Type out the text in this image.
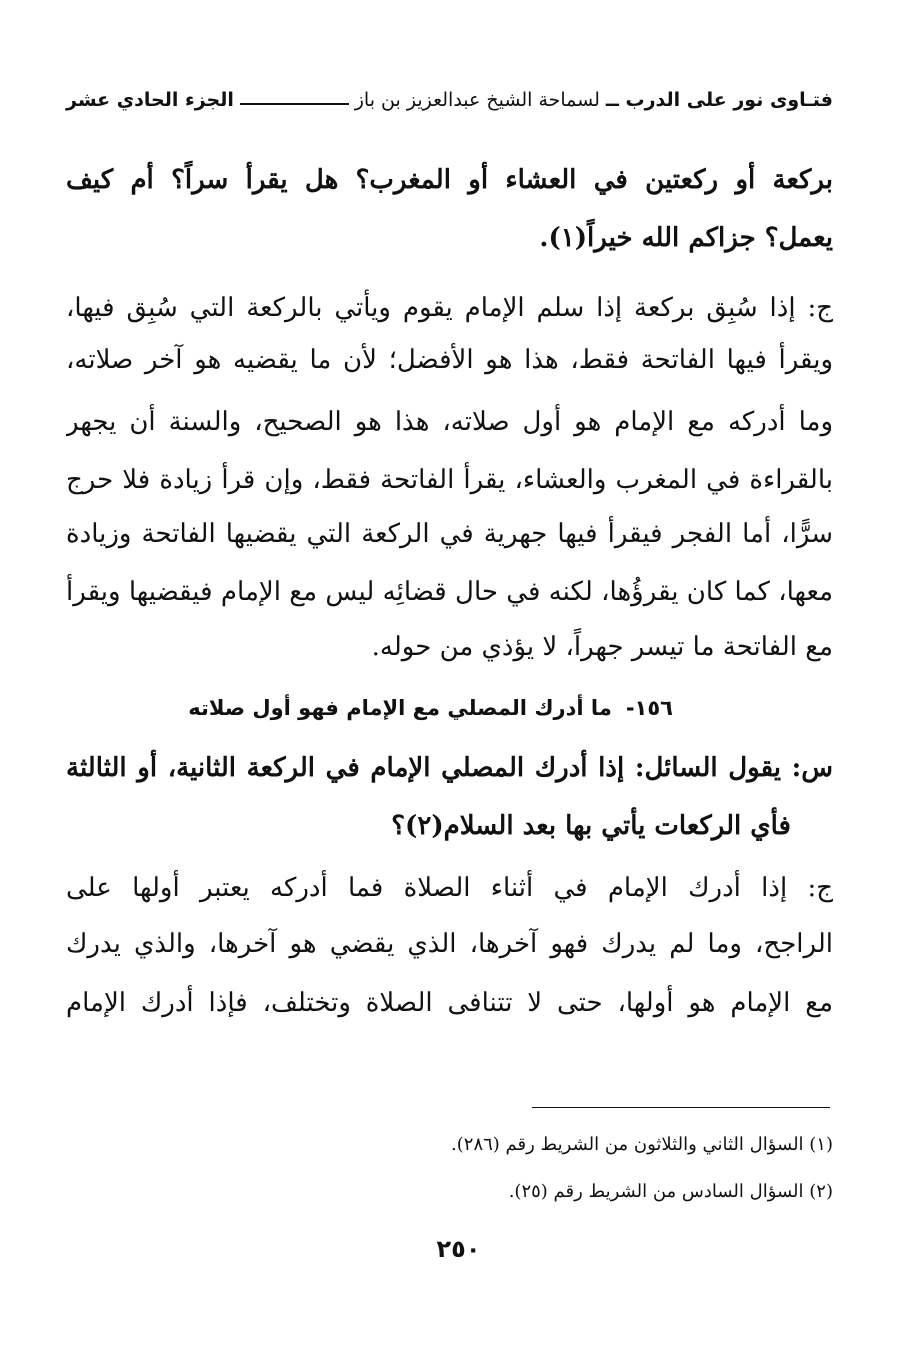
فتـاوى نور على الدرب ــ
لسماحة الشيخ عبدالعزيز بن باز
الجزء الحادي عشر
بركعة أو ركعتين في العشاء أو المغرب؟ هل يقرأ سراً؟ أم كيف
يعمل؟ جزاكم الله خيراً(١).
ج: إذا سُبِق بركعة إذا سلم الإمام يقوم ويأتي بالركعة التي سُبِق فيها،
ويقرأ فيها الفاتحة فقط، هذا هو الأفضل؛ لأن ما يقضيه هو آخر صلاته،
وما أدركه مع الإمام هو أول صلاته، هذا هو الصحيح، والسنة أن يجهر
بالقراءة في المغرب والعشاء، يقرأ الفاتحة فقط، وإن قرأ زيادة فلا حرج
سرًّا، أما الفجر فيقرأ فيها جهرية في الركعة التي يقضيها الفاتحة وزيادة
معها، كما كان يقرؤُها، لكنه في حال قضائِه ليس مع الإمام فيقضيها ويقرأ
مع الفاتحة ما تيسر جهراً، لا يؤذي من حوله.
١٥٦-
ما أدرك المصلي مع الإمام فهو أول صلاته
س: يقول السائل: إذا أدرك المصلي الإمام في الركعة الثانية، أو الثالثة
فأي الركعات يأتي بها بعد السلام(٢)؟
ج: إذا أدرك الإمام في أثناء الصلاة فما أدركه يعتبر أولها على
الراجح، وما لم يدرك فهو آخرها، الذي يقضي هو آخرها، والذي يدرك
مع الإمام هو أولها، حتى لا تتنافى الصلاة وتختلف، فإذا أدرك الإمام
(١) السؤال الثاني والثلاثون من الشريط رقم (٢٨٦).
(٢) السؤال السادس من الشريط رقم (٢٥).
٢٥٠
